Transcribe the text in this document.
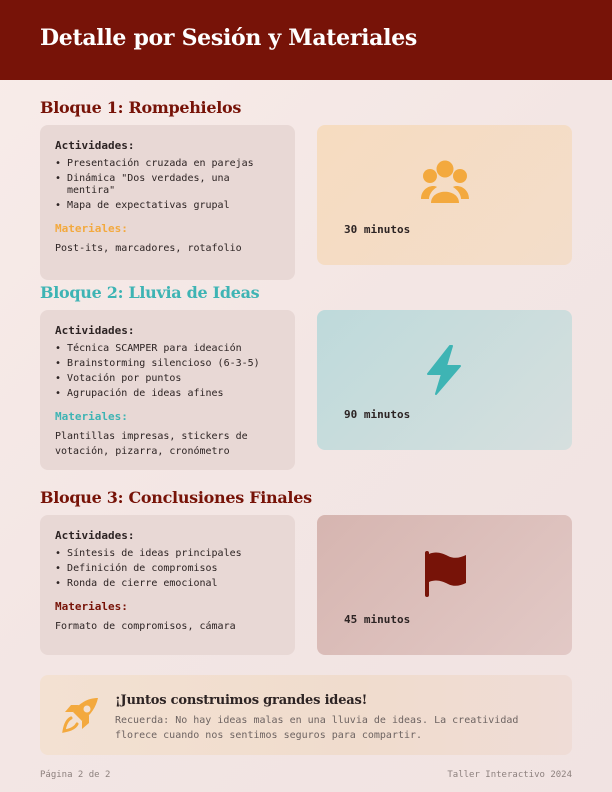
Detalle por Sesión y Materiales
Bloque 1: Rompehielos
Actividades:
• Presentación cruzada en parejas
• Dinámica "Dos verdades, una mentira"
• Mapa de expectativas grupal
Materiales:
Post-its, marcadores, rotafolio
30 minutos
Bloque 2: Lluvia de Ideas
Actividades:
• Técnica SCAMPER para ideación
• Brainstorming silencioso (6-3-5)
• Votación por puntos
• Agrupación de ideas afines
Materiales:
Plantillas impresas, stickers de votación, pizarra, cronómetro
90 minutos
Bloque 3: Conclusiones Finales
Actividades:
• Síntesis de ideas principales
• Definición de compromisos
• Ronda de cierre emocional
Materiales:
Formato de compromisos, cámara
45 minutos
¡Juntos construimos grandes ideas!
Recuerda: No hay ideas malas en una lluvia de ideas. La creatividad florece cuando nos sentimos seguros para compartir.
Página 2 de 2	Taller Interactivo 2024
